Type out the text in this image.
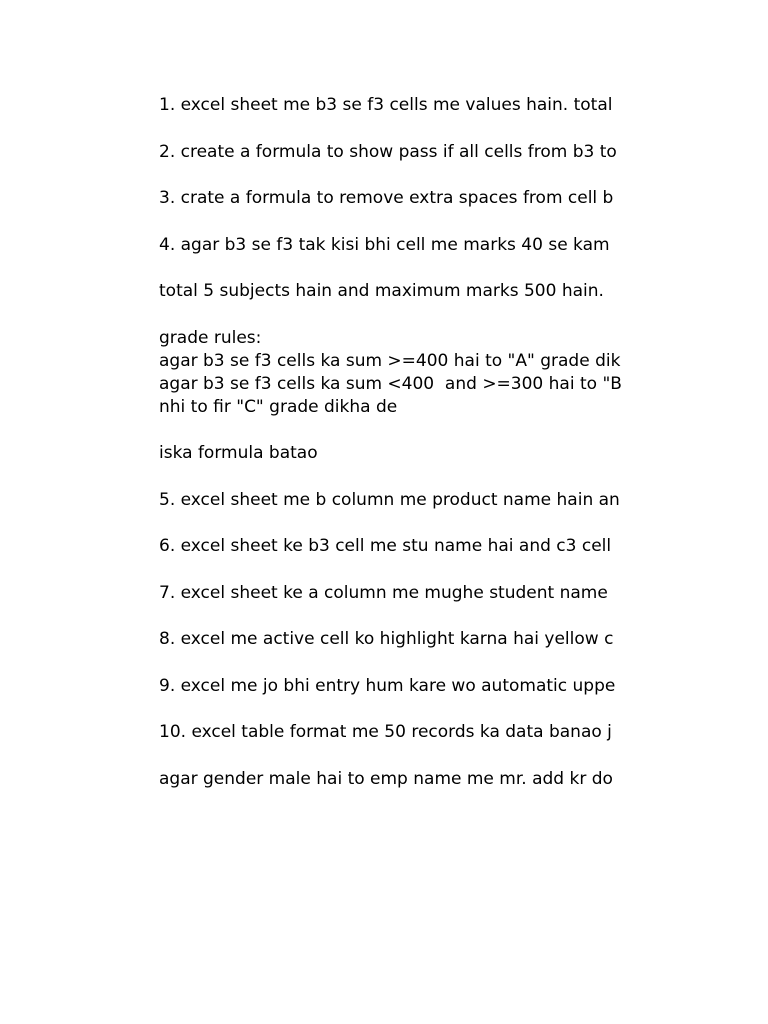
1. excel sheet me b3 se f3 cells me values hain. total
2. create a formula to show pass if all cells from b3 to
3. crate a formula to remove extra spaces from cell b
4. agar b3 se f3 tak kisi bhi cell me marks 40 se kam
total 5 subjects hain and maximum marks 500 hain.
grade rules:
agar b3 se f3 cells ka sum >=400 hai to "A" grade dik
agar b3 se f3 cells ka sum <400  and >=300 hai to "B
nhi to fir "C" grade dikha de
iska formula batao
5. excel sheet me b column me product name hain an
6. excel sheet ke b3 cell me stu name hai and c3 cell
7. excel sheet ke a column me mughe student name
8. excel me active cell ko highlight karna hai yellow c
9. excel me jo bhi entry hum kare wo automatic uppe
10. excel table format me 50 records ka data banao j
agar gender male hai to emp name me mr. add kr do
